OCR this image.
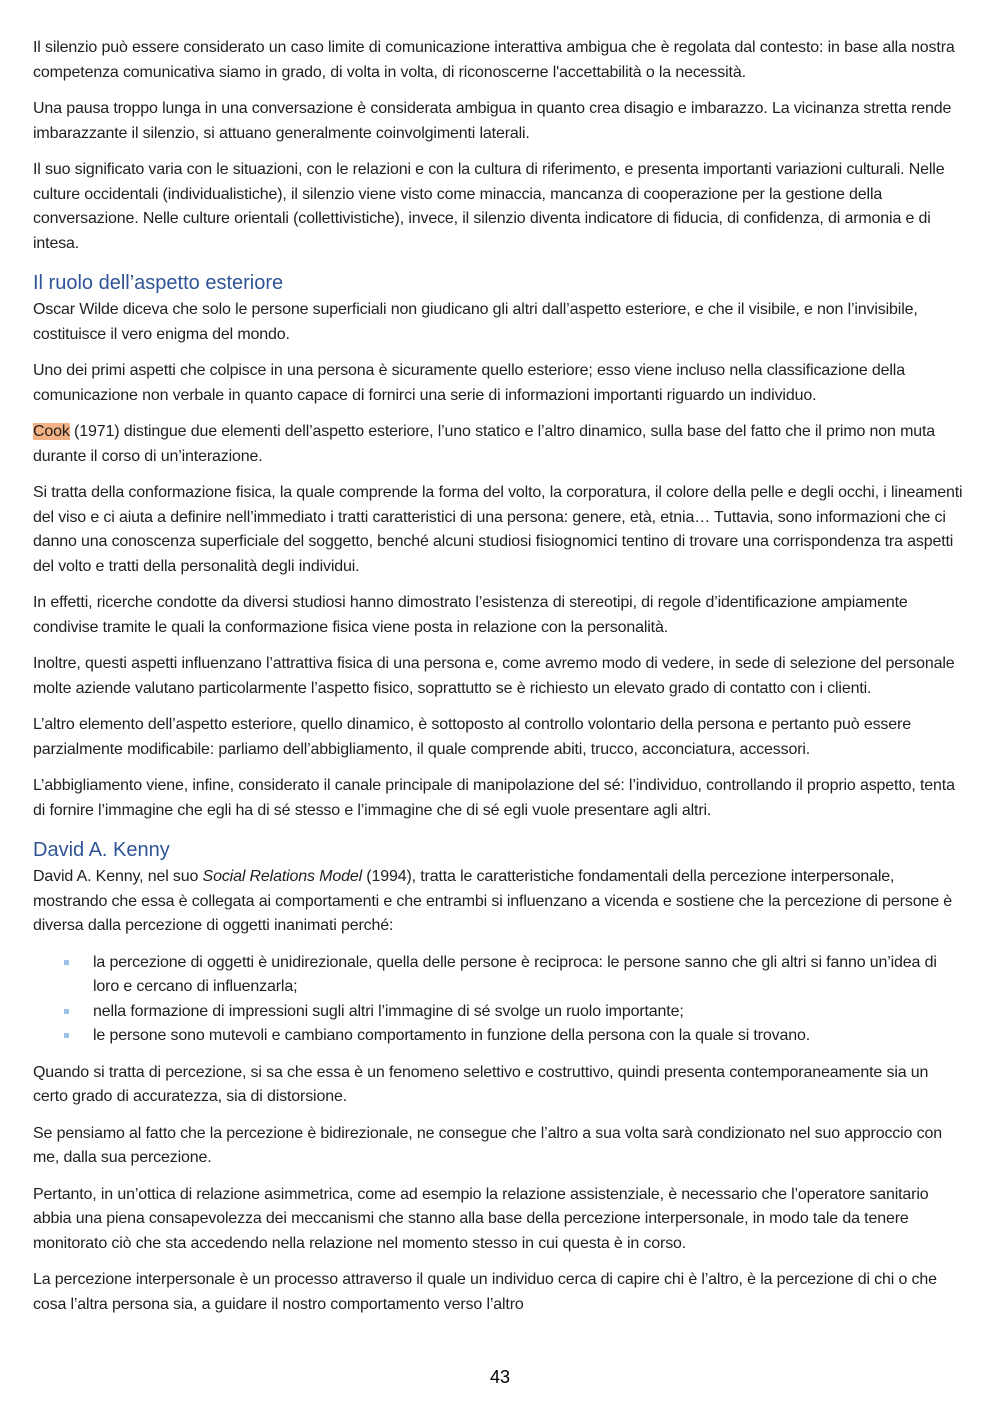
Il silenzio può essere considerato un caso limite di comunicazione interattiva ambigua che è regolata dal contesto: in base alla nostra competenza comunicativa siamo in grado, di volta in volta, di riconoscerne l'accettabilità o la necessità.

Una pausa troppo lunga in una conversazione è considerata ambigua in quanto crea disagio e imbarazzo. La vicinanza stretta rende imbarazzante il silenzio, si attuano generalmente coinvolgimenti laterali.

Il suo significato varia con le situazioni, con le relazioni e con la cultura di riferimento, e presenta importanti variazioni culturali. Nelle culture occidentali (individualistiche), il silenzio viene visto come minaccia, mancanza di cooperazione per la gestione della conversazione. Nelle culture orientali (collettivistiche), invece, il silenzio diventa indicatore di fiducia, di confidenza, di armonia e di intesa.

Il ruolo dell’aspetto esteriore

Oscar Wilde diceva che solo le persone superficiali non giudicano gli altri dall’aspetto esteriore, e che il visibile, e non l’invisibile, costituisce il vero enigma del mondo.

Uno dei primi aspetti che colpisce in una persona è sicuramente quello esteriore; esso viene incluso nella classificazione della comunicazione non verbale in quanto capace di fornirci una serie di informazioni importanti riguardo un individuo.

Cook (1971) distingue due elementi dell’aspetto esteriore, l’uno statico e l’altro dinamico, sulla base del fatto che il primo non muta durante il corso di un’interazione.

Si tratta della conformazione fisica, la quale comprende la forma del volto, la corporatura, il colore della pelle e degli occhi, i lineamenti del viso e ci aiuta a definire nell’immediato i tratti caratteristici di una persona: genere, età, etnia… Tuttavia, sono informazioni che ci danno una conoscenza superficiale del soggetto, benché alcuni studiosi fisiognomici tentino di trovare una corrispondenza tra aspetti del volto e tratti della personalità degli individui.

In effetti, ricerche condotte da diversi studiosi hanno dimostrato l’esistenza di stereotipi, di regole d’identificazione ampiamente condivise tramite le quali la conformazione fisica viene posta in relazione con la personalità.

Inoltre, questi aspetti influenzano l’attrattiva fisica di una persona e, come avremo modo di vedere, in sede di selezione del personale molte aziende valutano particolarmente l’aspetto fisico, soprattutto se è richiesto un elevato grado di contatto con i clienti.

L’altro elemento dell’aspetto esteriore, quello dinamico, è sottoposto al controllo volontario della persona e pertanto può essere parzialmente modificabile: parliamo dell’abbigliamento, il quale comprende abiti, trucco, acconciatura, accessori.

L’abbigliamento viene, infine, considerato il canale principale di manipolazione del sé: l’individuo, controllando il proprio aspetto, tenta di fornire l’immagine che egli ha di sé stesso e l’immagine che di sé egli vuole presentare agli altri.

David A. Kenny

David A. Kenny, nel suo Social Relations Model (1994), tratta le caratteristiche fondamentali della percezione interpersonale, mostrando che essa è collegata ai comportamenti e che entrambi si influenzano a vicenda e sostiene che la percezione di persone è diversa dalla percezione di oggetti inanimati perché:

la percezione di oggetti è unidirezionale, quella delle persone è reciproca: le persone sanno che gli altri si fanno un’idea di loro e cercano di influenzarla;
nella formazione di impressioni sugli altri l’immagine di sé svolge un ruolo importante;
le persone sono mutevoli e cambiano comportamento in funzione della persona con la quale si trovano.

Quando si tratta di percezione, si sa che essa è un fenomeno selettivo e costruttivo, quindi presenta contemporaneamente sia un certo grado di accuratezza, sia di distorsione.

Se pensiamo al fatto che la percezione è bidirezionale, ne consegue che l’altro a sua volta sarà condizionato nel suo approccio con me, dalla sua percezione.

Pertanto, in un’ottica di relazione asimmetrica, come ad esempio la relazione assistenziale, è necessario che l’operatore sanitario abbia una piena consapevolezza dei meccanismi che stanno alla base della percezione interpersonale, in modo tale da tenere monitorato ciò che sta accedendo nella relazione nel momento stesso in cui questa è in corso.

La percezione interpersonale è un processo attraverso il quale un individuo cerca di capire chi è l’altro, è la percezione di chi o che cosa l’altra persona sia, a guidare il nostro comportamento verso l’altro

43
